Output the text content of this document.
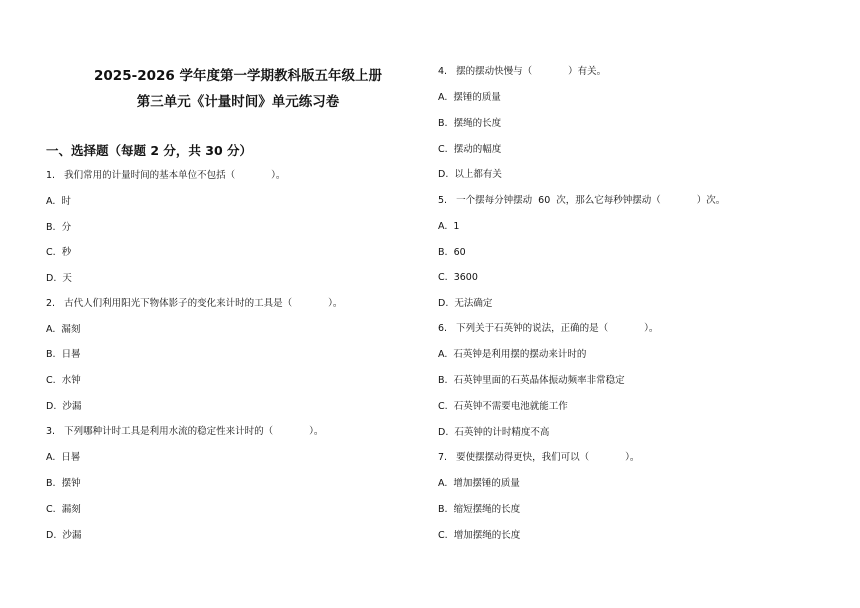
2025-2026 学年度第一学期教科版五年级上册
第三单元《计量时间》单元练习卷
一、选择题（每题 2 分，共 30 分）
1.   我们常用的计量时间的基本单位不包括（	）。
A.  时
B.  分
C.  秒
D.  天
2.   古代人们利用阳光下物体影子的变化来计时的工具是（	）。
A.  漏刻
B.  日晷
C.  水钟
D.  沙漏
3.   下列哪种计时工具是利用水流的稳定性来计时的（	）。
A.  日晷
B.  摆钟
C.  漏刻
D.  沙漏
4.   摆的摆动快慢与（	）有关。
A.  摆锤的质量
B.  摆绳的长度
C.  摆动的幅度
D.  以上都有关
5.   一个摆每分钟摆动  60  次，那么它每秒钟摆动（	）次。
A.  1
B.  60
C.  3600
D.  无法确定
6.   下列关于石英钟的说法，正确的是（	）。
A.  石英钟是利用摆的摆动来计时的
B.  石英钟里面的石英晶体振动频率非常稳定
C.  石英钟不需要电池就能工作
D.  石英钟的计时精度不高
7.   要使摆摆动得更快，我们可以（	）。
A.  增加摆锤的质量
B.  缩短摆绳的长度
C.  增加摆绳的长度
